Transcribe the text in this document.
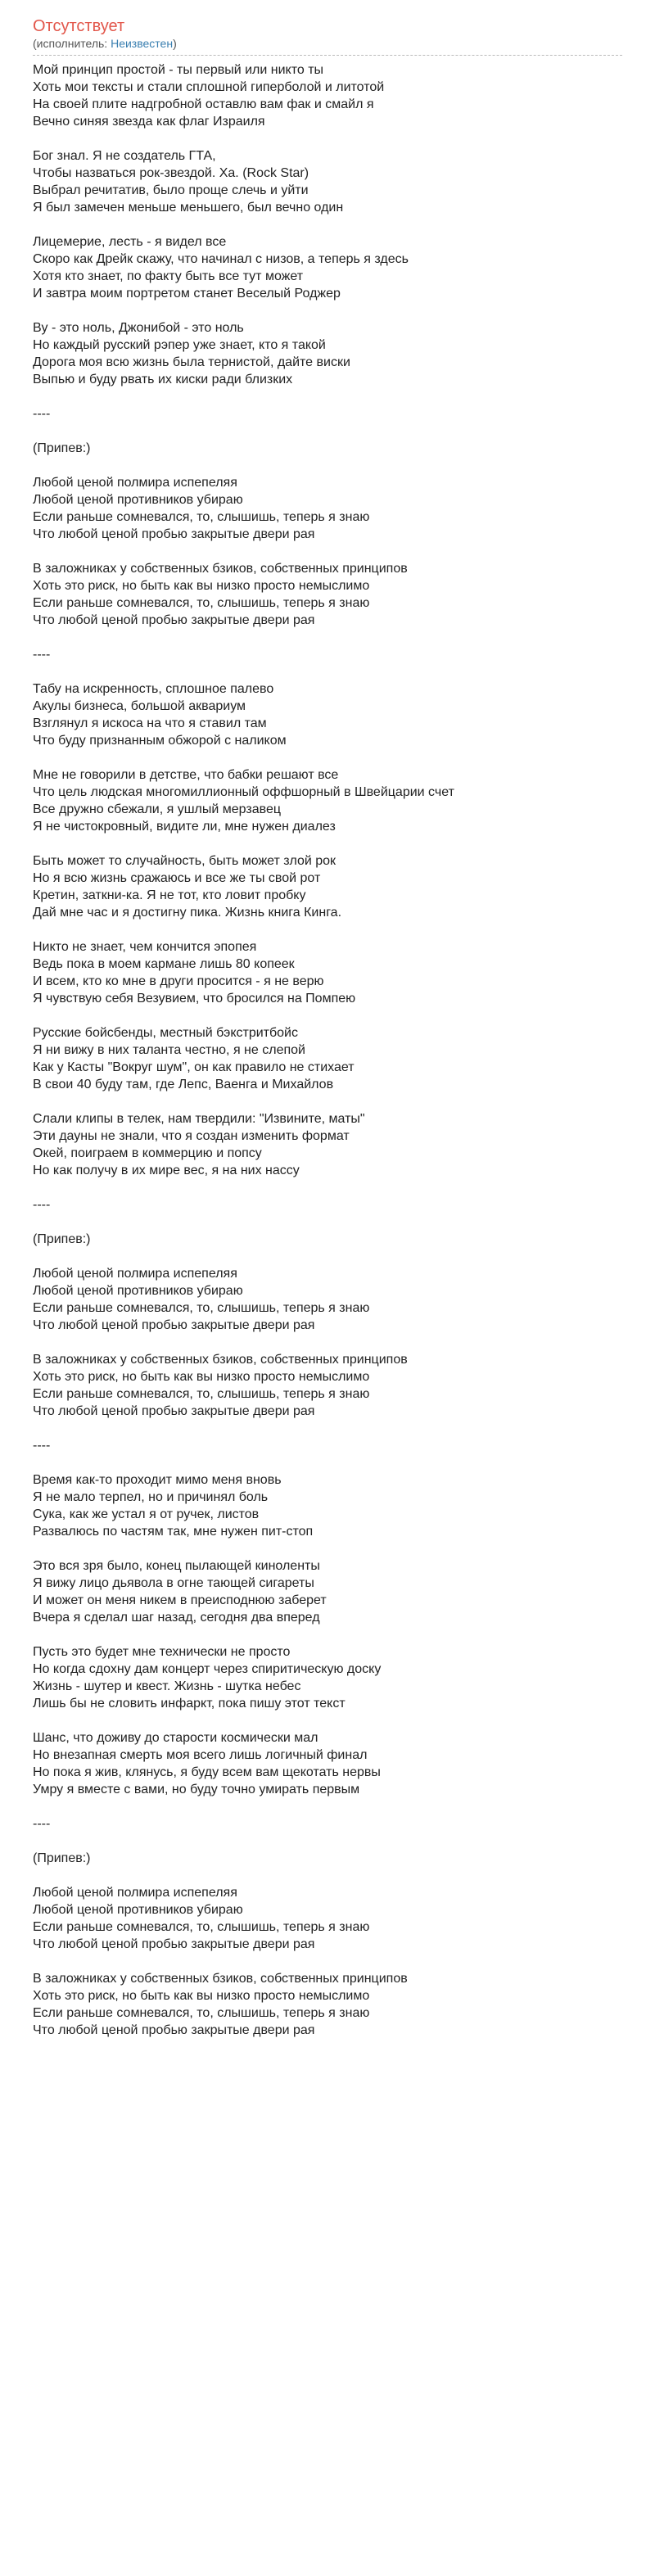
Отсутствует
(исполнитель: Неизвестен)
Мой принцип простой - ты первый или никто ты
Хоть мои тексты и стали сплошной гиперболой и литотой
На своей плите надгробной оставлю вам фак и смайл я
Вечно синяя звезда как флаг Израиля
Бог знал. Я не создатель ГТА,
Чтобы назваться рок-звездой. Ха. (Rock Star)
Выбрал речитатив, было проще слечь и уйти
Я был замечен меньше меньшего, был вечно один
Лицемерие, лесть - я видел все
Скоро как Дрейк скажу, что начинал с низов, а теперь я здесь
Хотя кто знает, по факту быть все тут может
И завтра моим портретом станет Веселый Роджер
Ву - это ноль, Джонибой - это ноль
Но каждый русский рэпер уже знает, кто я такой
Дорога моя всю жизнь была тернистой, дайте виски
Выпью и буду рвать их киски ради близких
----
(Припев:)
Любой ценой полмира испепеляя
Любой ценой противников убираю
Если раньше сомневался, то, слышишь, теперь я знаю
Что любой ценой пробью закрытые двери рая
В заложниках у собственных бзиков, собственных принципов
Хоть это риск, но быть как вы низко просто немыслимо
Если раньше сомневался, то, слышишь, теперь я знаю
Что любой ценой пробью закрытые двери рая
----
Табу на искренность, сплошное палево
Акулы бизнеса, большой аквариум
Взглянул я искоса на что я ставил там
Что буду признанным обжорой с наликом
Мне не говорили в детстве, что бабки решают все
Что цель людская многомиллионный оффшорный в Швейцарии счет
Все дружно сбежали, я ушлый мерзавец
Я не чистокровный, видите ли, мне нужен диалез
Быть может то случайность, быть может злой рок
Но я всю жизнь сражаюсь и все же ты свой рот
Кретин, заткни-ка. Я не тот, кто ловит пробку
Дай мне час и я достигну пика. Жизнь книга Кинга.
Никто не знает, чем кончится эпопея
Ведь пока в моем кармане лишь 80 копеек
И всем, кто ко мне в други просится - я не верю
Я чувствую себя Везувием, что бросился на Помпею
Русские бойсбенды, местный бэкстритбойс
Я ни вижу в них таланта честно, я не слепой
Как у Касты "Вокруг шум", он как правило не стихает
В свои 40 буду там, где Лепс, Ваенга и Михайлов
Слали клипы в телек, нам твердили: "Извините, маты"
Эти дауны не знали, что я создан изменить формат
Окей, поиграем в коммерцию и попсу
Но как получу в их мире вес, я на них нассу
----
(Припев:)
Любой ценой полмира испепеляя
Любой ценой противников убираю
Если раньше сомневался, то, слышишь, теперь я знаю
Что любой ценой пробью закрытые двери рая
В заложниках у собственных бзиков, собственных принципов
Хоть это риск, но быть как вы низко просто немыслимо
Если раньше сомневался, то, слышишь, теперь я знаю
Что любой ценой пробью закрытые двери рая
----
Время как-то проходит мимо меня вновь
Я не мало терпел, но и причинял боль
Сука, как же устал я от ручек, листов
Развалюсь по частям так, мне нужен пит-стоп
Это вся зря было, конец пылающей киноленты
Я вижу лицо дьявола в огне тающей сигареты
И может он меня никем в преисподнюю заберет
Вчера я сделал шаг назад, сегодня два вперед
Пусть это будет мне технически не просто
Но когда сдохну дам концерт через спиритическую доску
Жизнь - шутер и квест. Жизнь - шутка небес
Лишь бы не словить инфаркт, пока пишу этот текст
Шанс, что доживу до старости космически мал
Но внезапная смерть моя всего лишь логичный финал
Но пока я жив, клянусь, я буду всем вам щекотать нервы
Умру я вместе с вами, но буду точно умирать первым
----
(Припев:)
Любой ценой полмира испепеляя
Любой ценой противников убираю
Если раньше сомневался, то, слышишь, теперь я знаю
Что любой ценой пробью закрытые двери рая
В заложниках у собственных бзиков, собственных принципов
Хоть это риск, но быть как вы низко просто немыслимо
Если раньше сомневался, то, слышишь, теперь я знаю
Что любой ценой пробью закрытые двери рая
